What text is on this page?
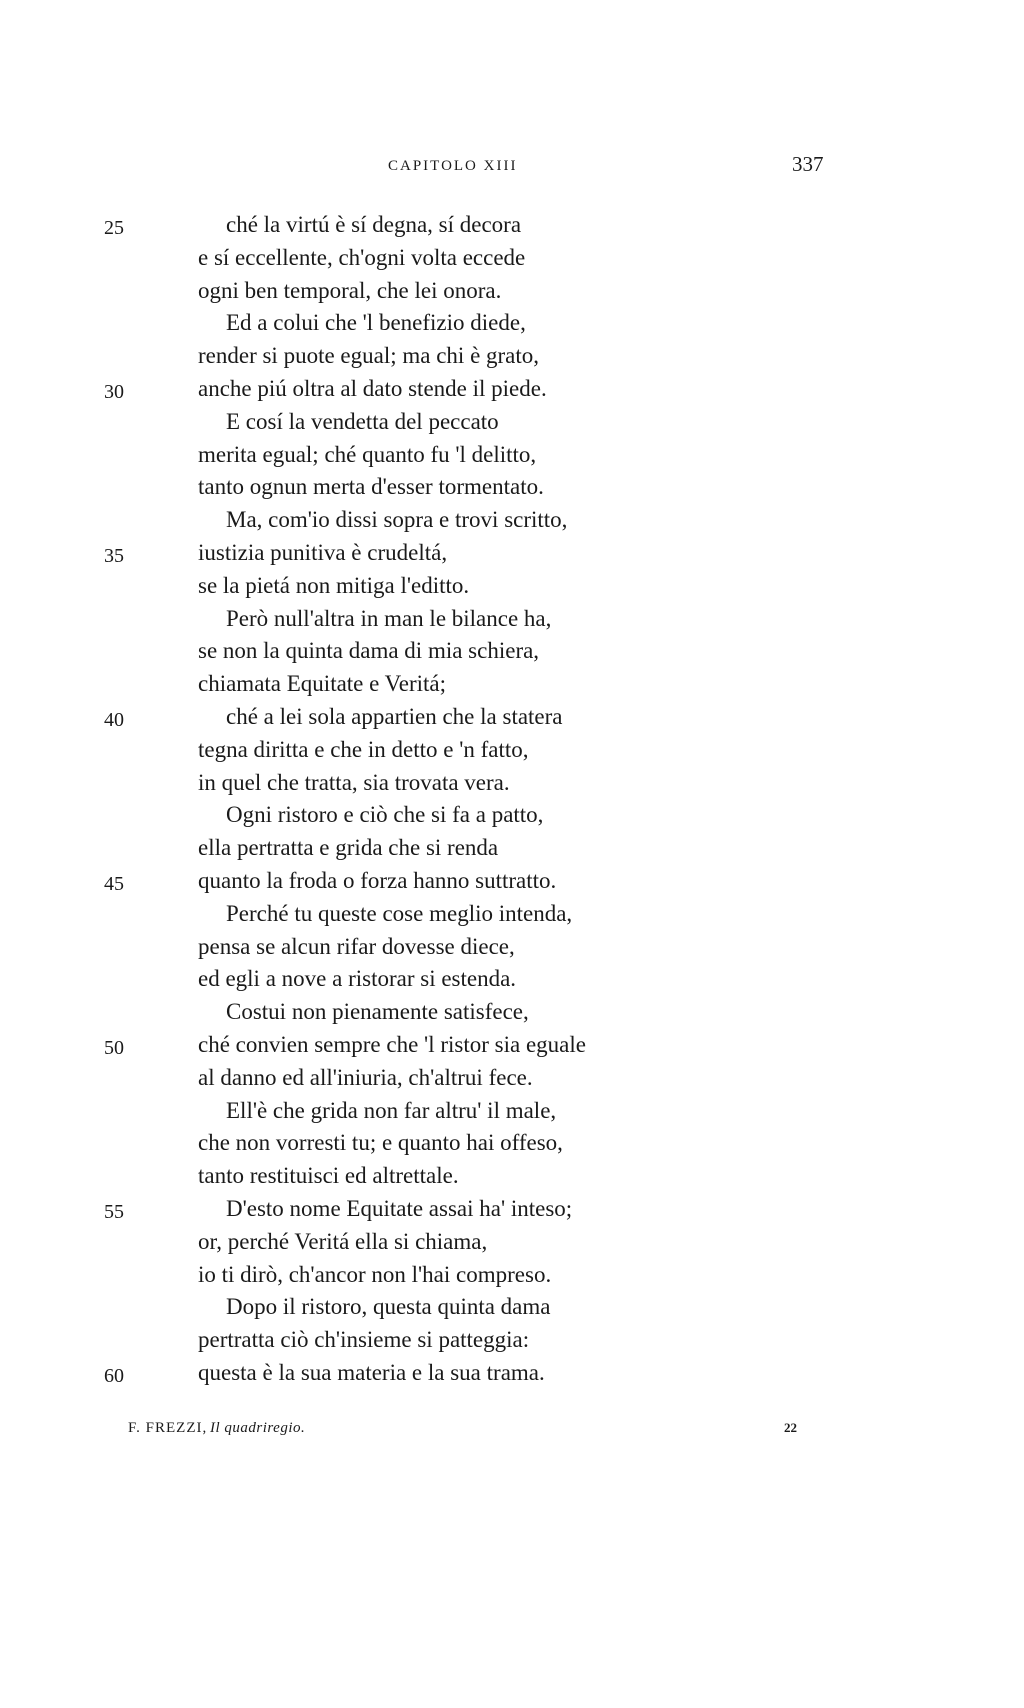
CAPITOLO XIII	337
25	ché la virtú è sí degna, sí decora
e sí eccellente, ch'ogni volta eccede
ogni ben temporal, che lei onora.
Ed a colui che 'l benefizio diede,
render si puote egual; ma chi è grato,
30	anche piú oltra al dato stende il piede.
E cosí la vendetta del peccato
merita egual; ché quanto fu 'l delitto,
tanto ognun merta d'esser tormentato.
Ma, com'io dissi sopra e trovi scritto,
35	iustizia punitiva è crudeltá,
se la pietá non mitiga l'editto.
Però null'altra in man le bilance ha,
se non la quinta dama di mia schiera,
chiamata Equitate e Veritá;
40	ché a lei sola appartien che la statera
tegna diritta e che in detto e 'n fatto,
in quel che tratta, sia trovata vera.
Ogni ristoro e ciò che si fa a patto,
ella pertratta e grida che si renda
45	quanto la froda o forza hanno suttratto.
Perché tu queste cose meglio intenda,
pensa se alcun rifar dovesse diece,
ed egli a nove a ristorar si estenda.
Costui non pienamente satisfece,
50	ché convien sempre che 'l ristor sia eguale
al danno ed all'iniuria, ch'altrui fece.
Ell'è che grida non far altru' il male,
che non vorresti tu; e quanto hai offeso,
tanto restituisci ed altrettale.
55	D'esto nome Equitate assai ha' inteso;
or, perché Veritá ella si chiama,
io ti dirò, ch'ancor non l'hai compreso.
Dopo il ristoro, questa quinta dama
pertratta ciò ch'insieme si patteggia:
60	questa è la sua materia e la sua trama.
F. FREZZI, Il quadriregio.	22
